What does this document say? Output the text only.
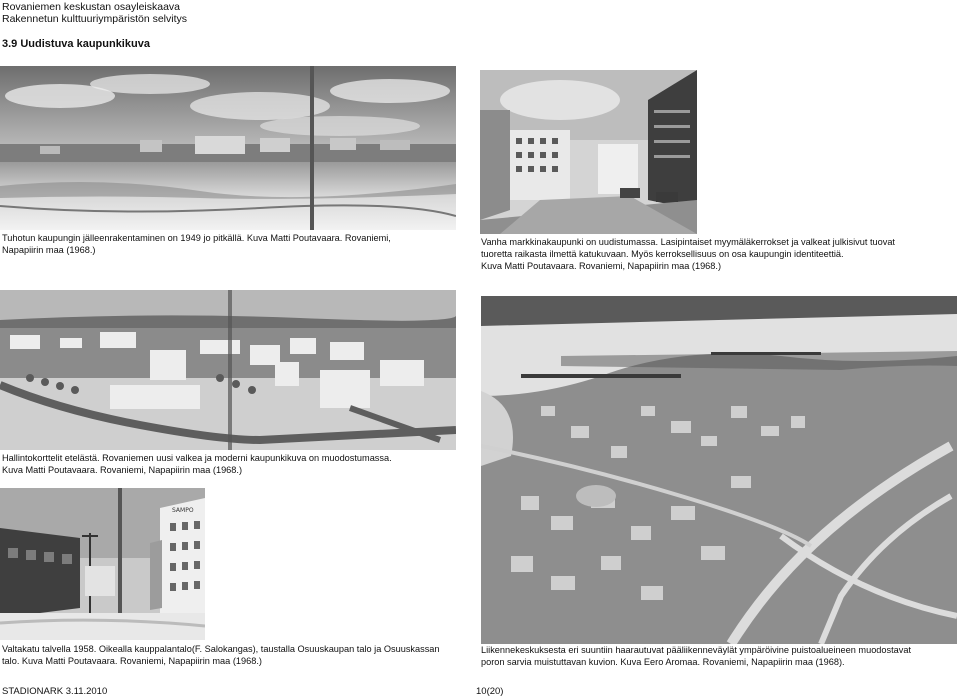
Rovaniemen keskustan osayleiskaava
Rakennetun kulttuuriympäristön selvitys
3.9 Uudistuva kaupunkikuva
Tuhotun kaupungin jälleenrakentaminen on 1949 jo pitkällä. Kuva Matti Poutavaara. Rovaniemi, Napapiirin maa (1968.)
Vanha markkinakaupunki on uudistumassa. Lasipintaiset myymäläkerrokset ja valkeat julkisivut tuovat
tuoretta raikasta ilmettä katukuvaan. Myös kerroksellisuus on osa kaupungin identiteettiä.
Kuva Matti Poutavaara. Rovaniemi, Napapiirin maa (1968.)
Hallintokorttelit etelästä. Rovaniemen uusi valkea ja moderni kaupunkikuva on muodostumassa.
Kuva Matti Poutavaara. Rovaniemi, Napapiirin maa (1968.)
SAMPO
Valtakatu talvella 1958. Oikealla kauppalantalo(F. Salokangas), taustalla Osuuskaupan talo ja Osuuskassan
talo. Kuva Matti Poutavaara. Rovaniemi, Napapiirin maa (1968.)
Liikennekeskuksesta eri suuntiin haarautuvat pääliikenneväylät ympäröivine puistoalueineen muodostavat
poron sarvia muistuttavan kuvion. Kuva Eero Aromaa. Rovaniemi, Napapiirin maa (1968).
STADIONARK 3.11.2010	10(20)
